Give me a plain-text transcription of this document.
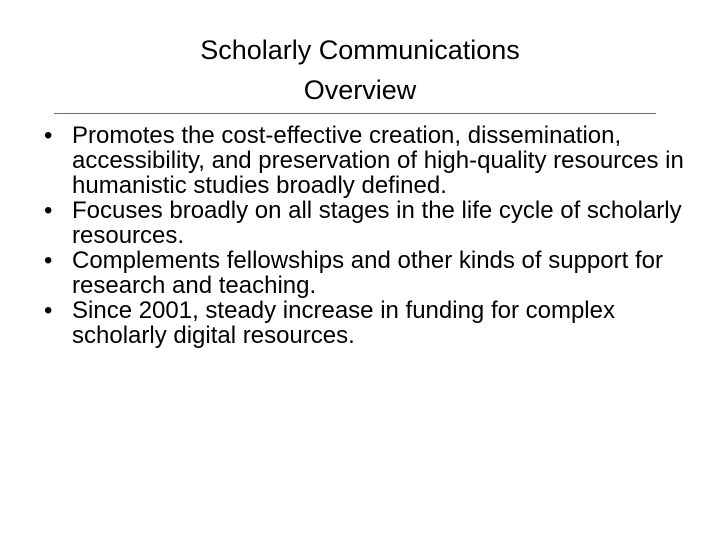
Scholarly Communications
Overview
• Promotes the cost-effective creation, dissemination, accessibility, and preservation of high-quality resources in humanistic studies broadly defined.
• Focuses broadly on all stages in the life cycle of scholarly resources.
• Complements fellowships and other kinds of support for research and teaching.
• Since 2001, steady increase in funding for complex scholarly digital resources.
